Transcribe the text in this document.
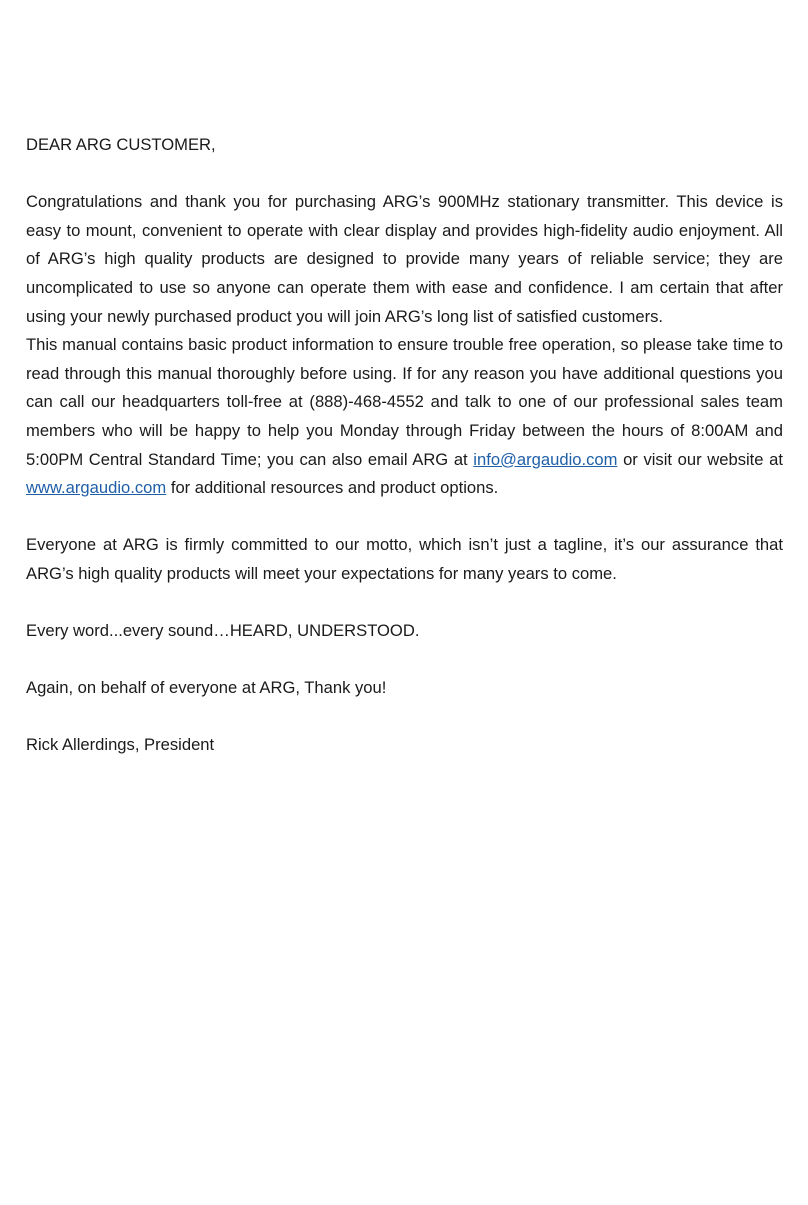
DEAR ARG CUSTOMER,

Congratulations and thank you for purchasing ARG’s 900MHz stationary transmitter. This device is easy to mount, convenient to operate with clear display and provides high-fidelity audio enjoyment. All of ARG’s high quality products are designed to provide many years of reliable service; they are uncomplicated to use so anyone can operate them with ease and confidence. I am certain that after using your newly purchased product you will join ARG’s long list of satisfied customers.

This manual contains basic product information to ensure trouble free operation, so please take time to read through this manual thoroughly before using. If for any reason you have additional questions you can call our headquarters toll-free at (888)-468-4552 and talk to one of our professional sales team members who will be happy to help you Monday through Friday between the hours of 8:00AM and 5:00PM Central Standard Time; you can also email ARG at info@argaudio.com or visit our website at www.argaudio.com for additional resources and product options.

Everyone at ARG is firmly committed to our motto, which isn’t just a tagline, it’s our assurance that ARG’s high quality products will meet your expectations for many years to come.

Every word...every sound…HEARD, UNDERSTOOD.

Again, on behalf of everyone at ARG, Thank you!

Rick Allerdings, President
